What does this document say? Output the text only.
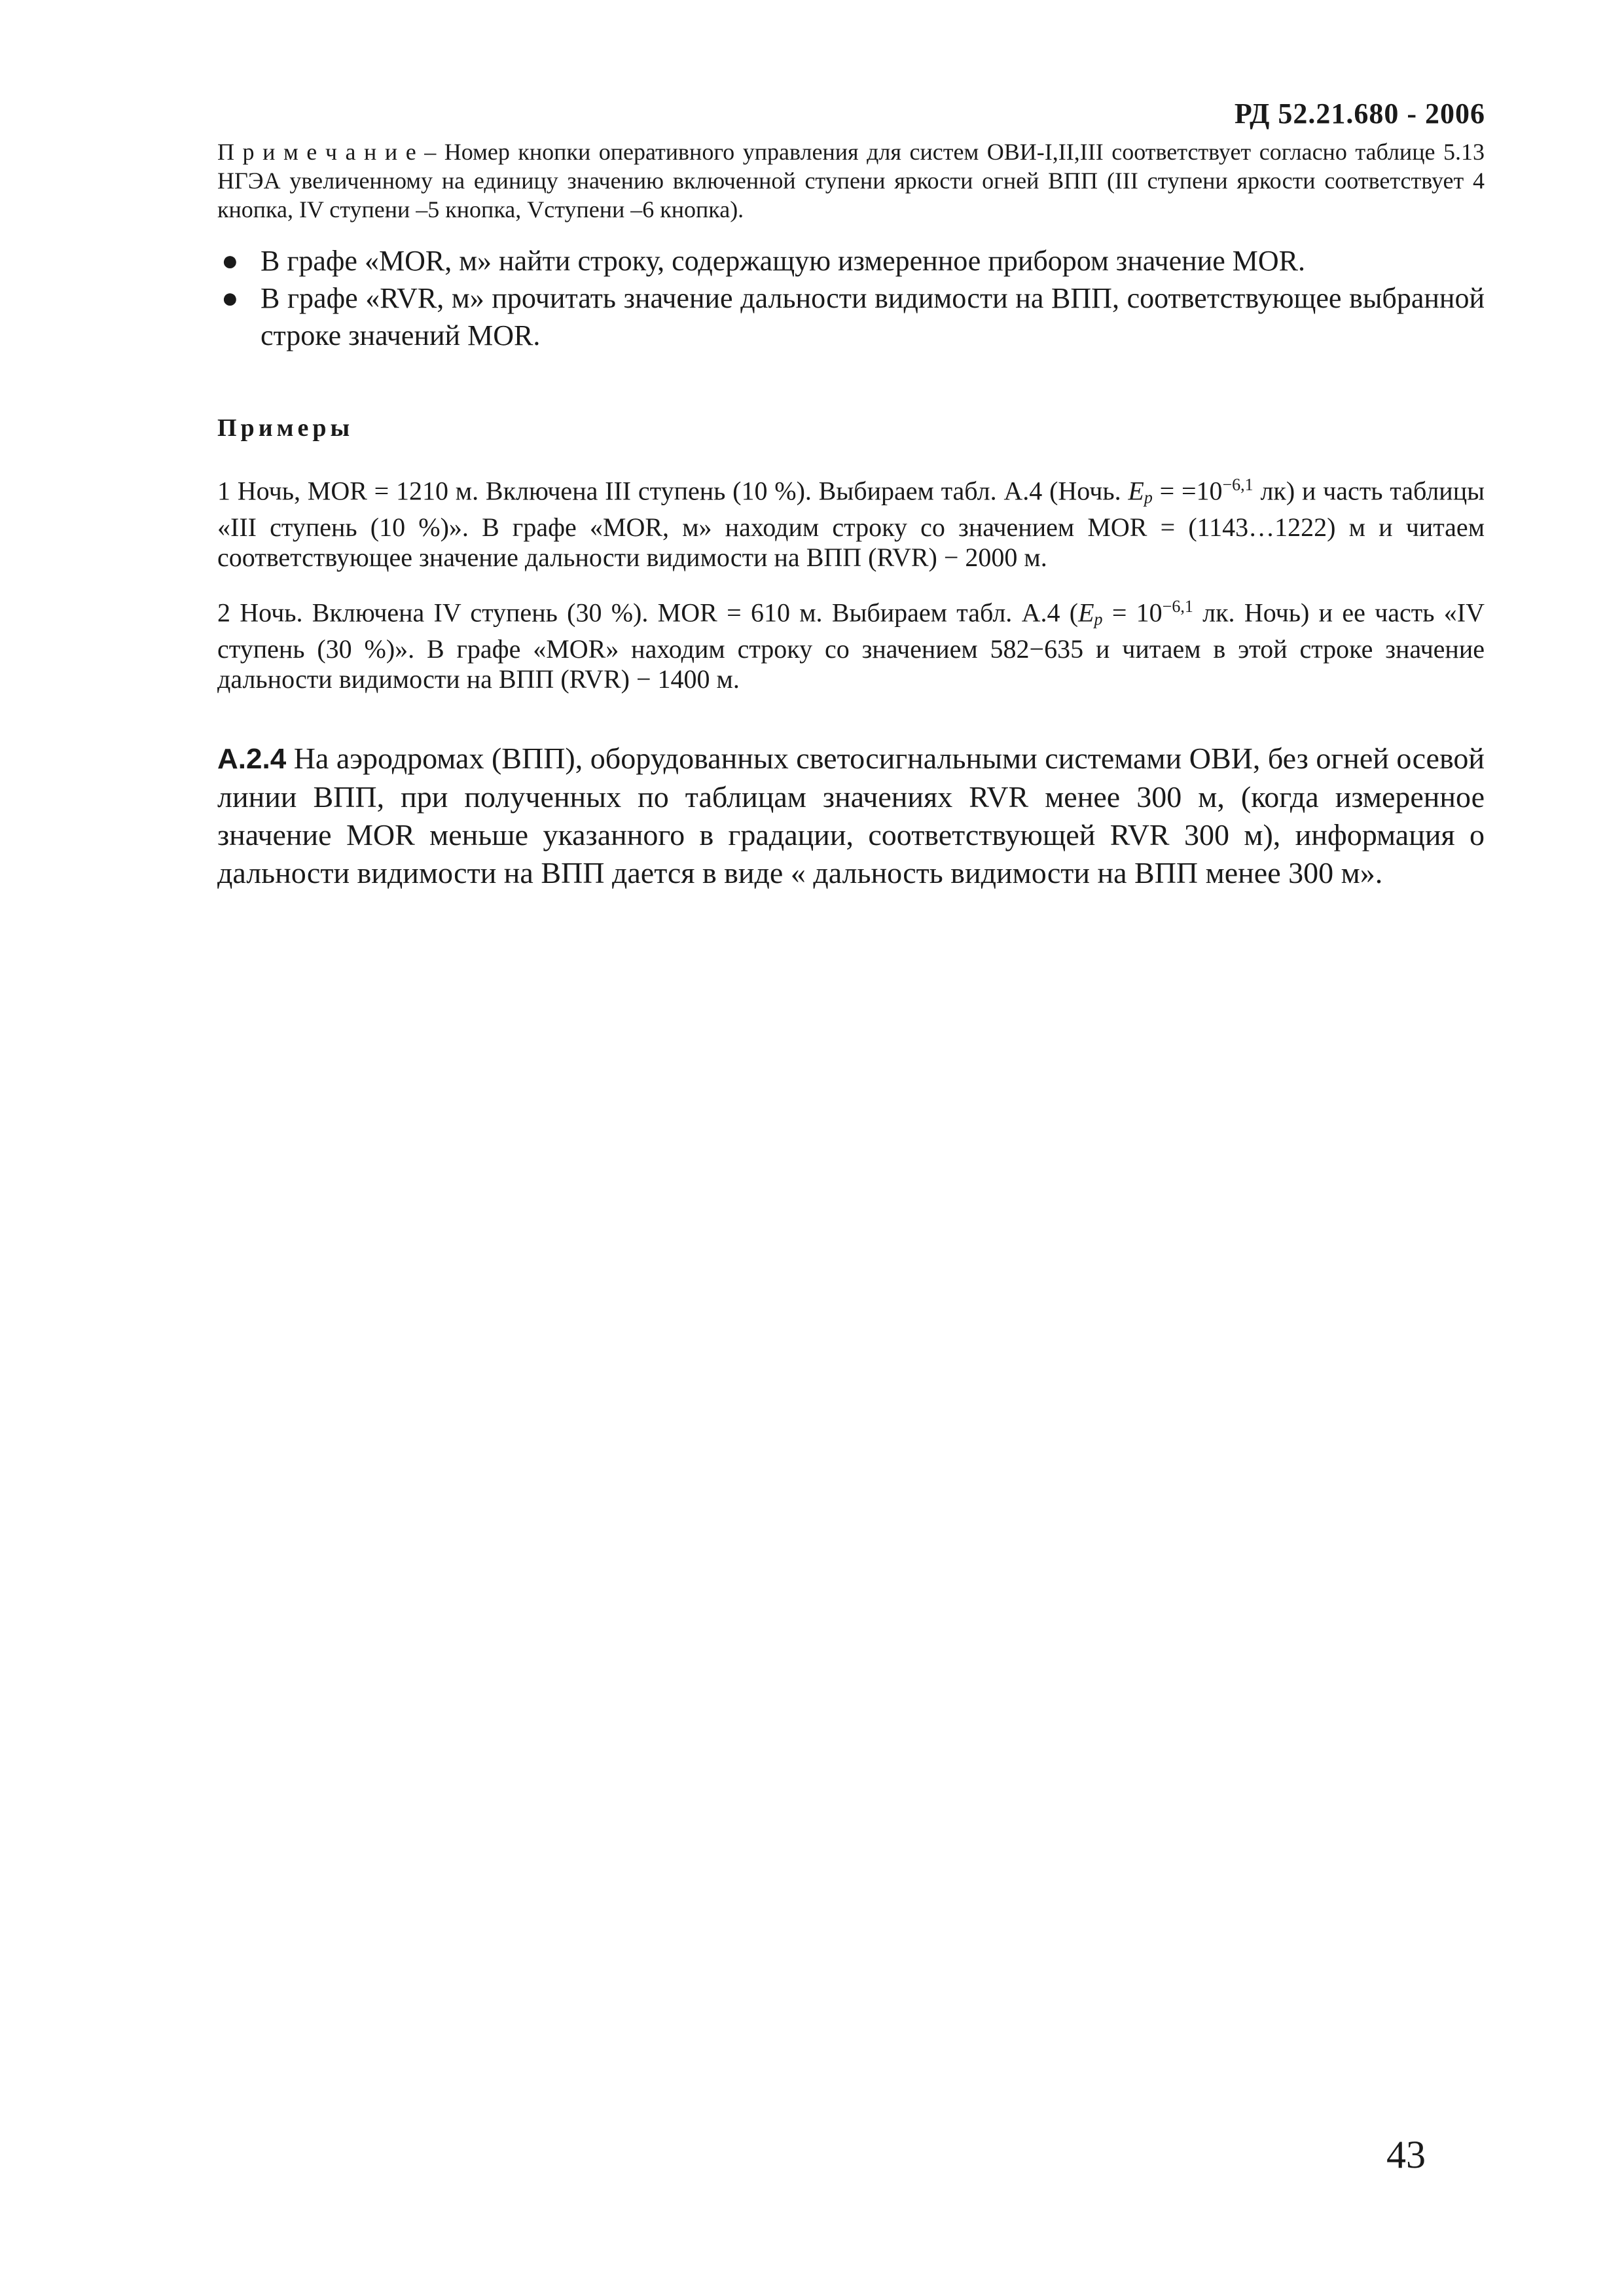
РД 52.21.680 - 2006
П р и м е ч а н и е – Номер кнопки оперативного управления для систем ОВИ-I,II,III соответствует согласно таблице 5.13 НГЭА увеличенному на единицу значению включенной ступени яркости огней ВПП (III ступени яркости соответствует 4 кнопка, IV ступени –5 кнопка, Vступени –6 кнопка).
● В графе «MOR, м» найти строку, содержащую измеренное прибором значение MOR.
● В графе «RVR, м» прочитать значение дальности видимости на ВПП, соответствующее выбранной строке значений MOR.
Примеры
1 Ночь, MOR = 1210 м. Включена III ступень (10 %). Выбираем табл. А.4 (Ночь. $E_р = =10^{-6,1}$ лк) и часть таблицы «III ступень (10 %)». В графе «MOR, м» находим строку со значением MOR = (1143…1222) м и читаем соответствующее значение дальности видимости на ВПП (RVR) − 2000 м.
2 Ночь. Включена IV ступень (30 %). MOR = 610 м. Выбираем табл. А.4 ($E_р = 10^{-6,1}$ лк. Ночь) и ее часть «IV ступень (30 %)». В графе «MOR» находим строку со значением 582−635 и читаем в этой строке значение дальности видимости на ВПП (RVR) − 1400 м.
А.2.4 На аэродромах (ВПП), оборудованных светосигнальными системами ОВИ, без огней осевой линии ВПП, при полученных по таблицам значениях RVR менее 300 м, (когда измеренное значение MOR меньше указанного в градации, соответствующей RVR 300 м), информация о дальности видимости на ВПП дается в виде « дальность видимости на ВПП менее 300 м».
43
